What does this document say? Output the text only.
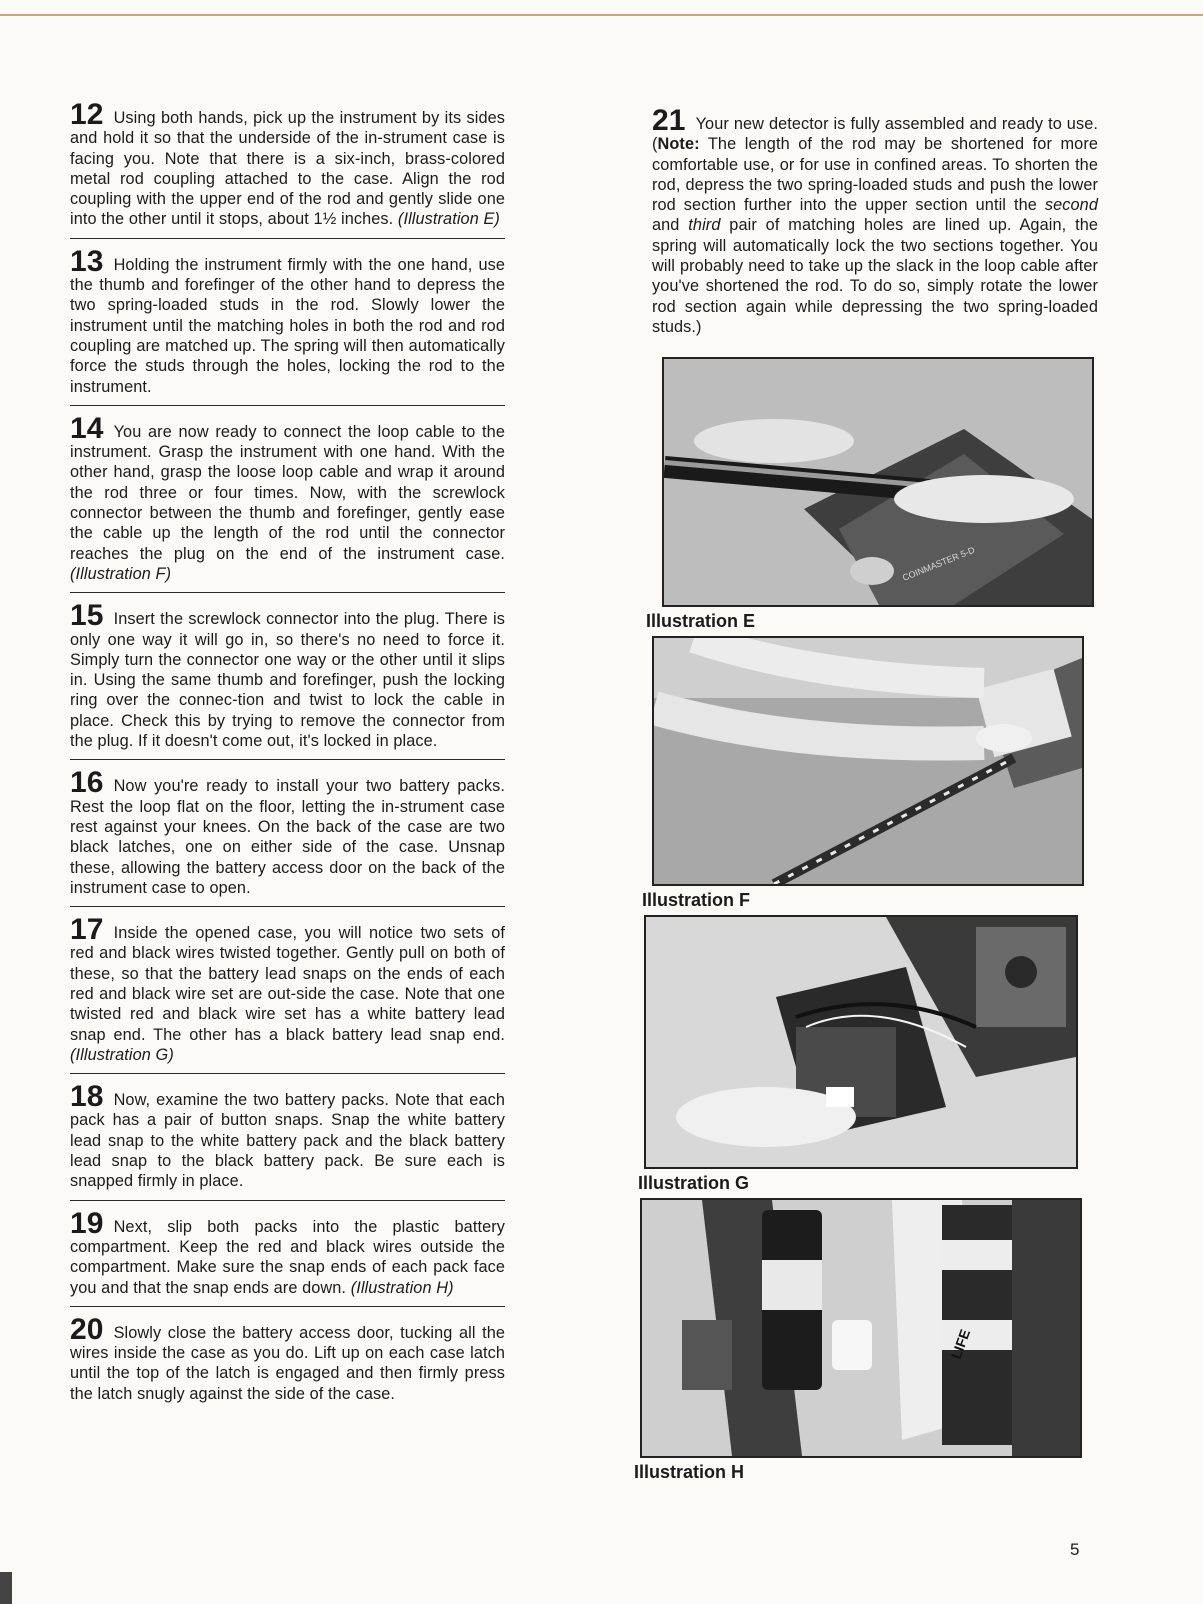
12 Using both hands, pick up the instrument by its sides and hold it so that the underside of the in-strument case is facing you. Note that there is a six-inch, brass-colored metal rod coupling attached to the case. Align the rod coupling with the upper end of the rod and gently slide one into the other until it stops, about 1½ inches. (Illustration E)

13 Holding the instrument firmly with the one hand, use the thumb and forefinger of the other hand to depress the two spring-loaded studs in the rod. Slowly lower the instrument until the matching holes in both the rod and rod coupling are matched up. The spring will then automatically force the studs through the holes, locking the rod to the instrument.

14 You are now ready to connect the loop cable to the instrument. Grasp the instrument with one hand. With the other hand, grasp the loose loop cable and wrap it around the rod three or four times. Now, with the screwlock connector between the thumb and forefinger, gently ease the cable up the length of the rod until the connector reaches the plug on the end of the instrument case. (Illustration F)

15 Insert the screwlock connector into the plug. There is only one way it will go in, so there's no need to force it. Simply turn the connector one way or the other until it slips in. Using the same thumb and forefinger, push the locking ring over the connec-tion and twist to lock the cable in place. Check this by trying to remove the connector from the plug. If it doesn't come out, it's locked in place.

16 Now you're ready to install your two battery packs. Rest the loop flat on the floor, letting the in-strument case rest against your knees. On the back of the case are two black latches, one on either side of the case. Unsnap these, allowing the battery access door on the back of the instrument case to open.

17 Inside the opened case, you will notice two sets of red and black wires twisted together. Gently pull on both of these, so that the battery lead snaps on the ends of each red and black wire set are out-side the case. Note that one twisted red and black wire set has a white battery lead snap end. The other has a black battery lead snap end. (Illustration G)

18 Now, examine the two battery packs. Note that each pack has a pair of button snaps. Snap the white battery lead snap to the white battery pack and the black battery lead snap to the black battery pack. Be sure each is snapped firmly in place.

19 Next, slip both packs into the plastic battery compartment. Keep the red and black wires outside the compartment. Make sure the snap ends of each pack face you and that the snap ends are down. (Illustration H)

20 Slowly close the battery access door, tucking all the wires inside the case as you do. Lift up on each case latch until the top of the latch is engaged and then firmly press the latch snugly against the side of the case.

21 Your new detector is fully assembled and ready to use. (Note: The length of the rod may be shortened for more comfortable use, or for use in confined areas. To shorten the rod, depress the two spring-loaded studs and push the lower rod section further into the upper section until the second and third pair of matching holes are lined up. Again, the spring will automatically lock the two sections together. You will probably need to take up the slack in the loop cable after you've shortened the rod. To do so, simply rotate the lower rod section again while depressing the two spring-loaded studs.)

COINMASTER 5-D
Illustration E
Illustration F
Illustration G
LIFE
Illustration H
5
